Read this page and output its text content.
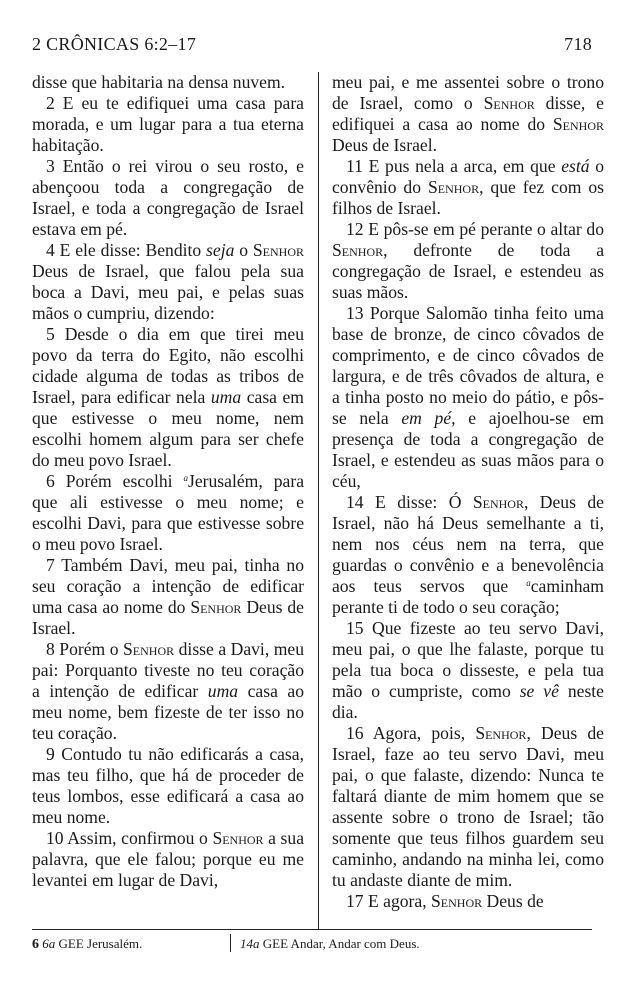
2 CRÔNICAS 6:2–17	718

disse que habitaria na densa nuvem.

2 E eu te edifiquei uma casa para morada, e um lugar para a tua eterna habitação.

3 Então o rei virou o seu rosto, e abençoou toda a congregação de Israel, e toda a congregação de Israel estava em pé.

4 E ele disse: Bendito seja o Senhor Deus de Israel, que falou pela sua boca a Davi, meu pai, e pelas suas mãos o cumpriu, dizendo:

5 Desde o dia em que tirei meu povo da terra do Egito, não escolhi cidade alguma de todas as tribos de Israel, para edificar nela uma casa em que estivesse o meu nome, nem escolhi homem algum para ser chefe do meu povo Israel.

6 Porém escolhi $^a$Jerusalém, para que ali estivesse o meu nome; e escolhi Davi, para que estivesse sobre o meu povo Israel.

7 Também Davi, meu pai, tinha no seu coração a intenção de edificar uma casa ao nome do Senhor Deus de Israel.

8 Porém o Senhor disse a Davi, meu pai: Porquanto tiveste no teu coração a intenção de edificar uma casa ao meu nome, bem fizeste de ter isso no teu coração.

9 Contudo tu não edificarás a casa, mas teu filho, que há de proceder de teus lombos, esse edificará a casa ao meu nome.

10 Assim, confirmou o Senhor a sua palavra, que ele falou; porque eu me levantei em lugar de Davi,

meu pai, e me assentei sobre o trono de Israel, como o Senhor disse, e edifiquei a casa ao nome do Senhor Deus de Israel.

11 E pus nela a arca, em que está o convênio do Senhor, que fez com os filhos de Israel.

12 E pôs-se em pé perante o altar do Senhor, defronte de toda a congregação de Israel, e estendeu as suas mãos.

13 Porque Salomão tinha feito uma base de bronze, de cinco côvados de comprimento, e de cinco côvados de largura, e de três côvados de altura, e a tinha posto no meio do pátio, e pôs-se nela em pé, e ajoelhou-se em presença de toda a congregação de Israel, e estendeu as suas mãos para o céu,

14 E disse: Ó Senhor, Deus de Israel, não há Deus semelhante a ti, nem nos céus nem na terra, que guardas o convênio e a benevolência aos teus servos que $^a$caminham perante ti de todo o seu coração;

15 Que fizeste ao teu servo Davi, meu pai, o que lhe falaste, porque tu pela tua boca o disseste, e pela tua mão o cumpriste, como se vê neste dia.

16 Agora, pois, Senhor, Deus de Israel, faze ao teu servo Davi, meu pai, o que falaste, dizendo: Nunca te faltará diante de mim homem que se assente sobre o trono de Israel; tão somente que teus filhos guardem seu caminho, andando na minha lei, como tu andaste diante de mim.

17 E agora, Senhor Deus de

6 6a GEE Jerusalém.	14a GEE Andar, Andar com Deus.
